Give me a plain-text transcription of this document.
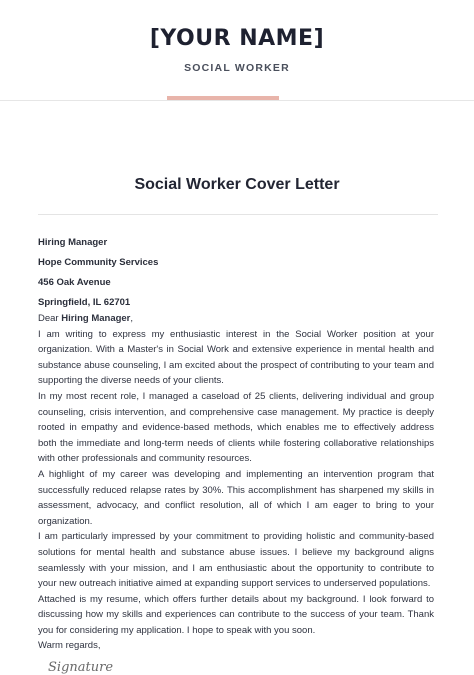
[YOUR NAME]
SOCIAL WORKER
Social Worker Cover Letter
Hiring Manager
Hope Community Services
456 Oak Avenue
Springfield, IL 62701

Dear Hiring Manager,

I am writing to express my enthusiastic interest in the Social Worker position at your organization. With a Master's in Social Work and extensive experience in mental health and substance abuse counseling, I am excited about the prospect of contributing to your team and supporting the diverse needs of your clients.

In my most recent role, I managed a caseload of 25 clients, delivering individual and group counseling, crisis intervention, and comprehensive case management. My practice is deeply rooted in empathy and evidence-based methods, which enables me to effectively address both the immediate and long-term needs of clients while fostering collaborative relationships with other professionals and community resources.

A highlight of my career was developing and implementing an intervention program that successfully reduced relapse rates by 30%. This accomplishment has sharpened my skills in assessment, advocacy, and conflict resolution, all of which I am eager to bring to your organization.

I am particularly impressed by your commitment to providing holistic and community-based solutions for mental health and substance abuse issues. I believe my background aligns seamlessly with your mission, and I am enthusiastic about the opportunity to contribute to your new outreach initiative aimed at expanding support services to underserved populations.

Attached is my resume, which offers further details about my background. I look forward to discussing how my skills and experiences can contribute to the success of your team. Thank you for considering my application. I hope to speak with you soon.

Warm regards,

Signature
